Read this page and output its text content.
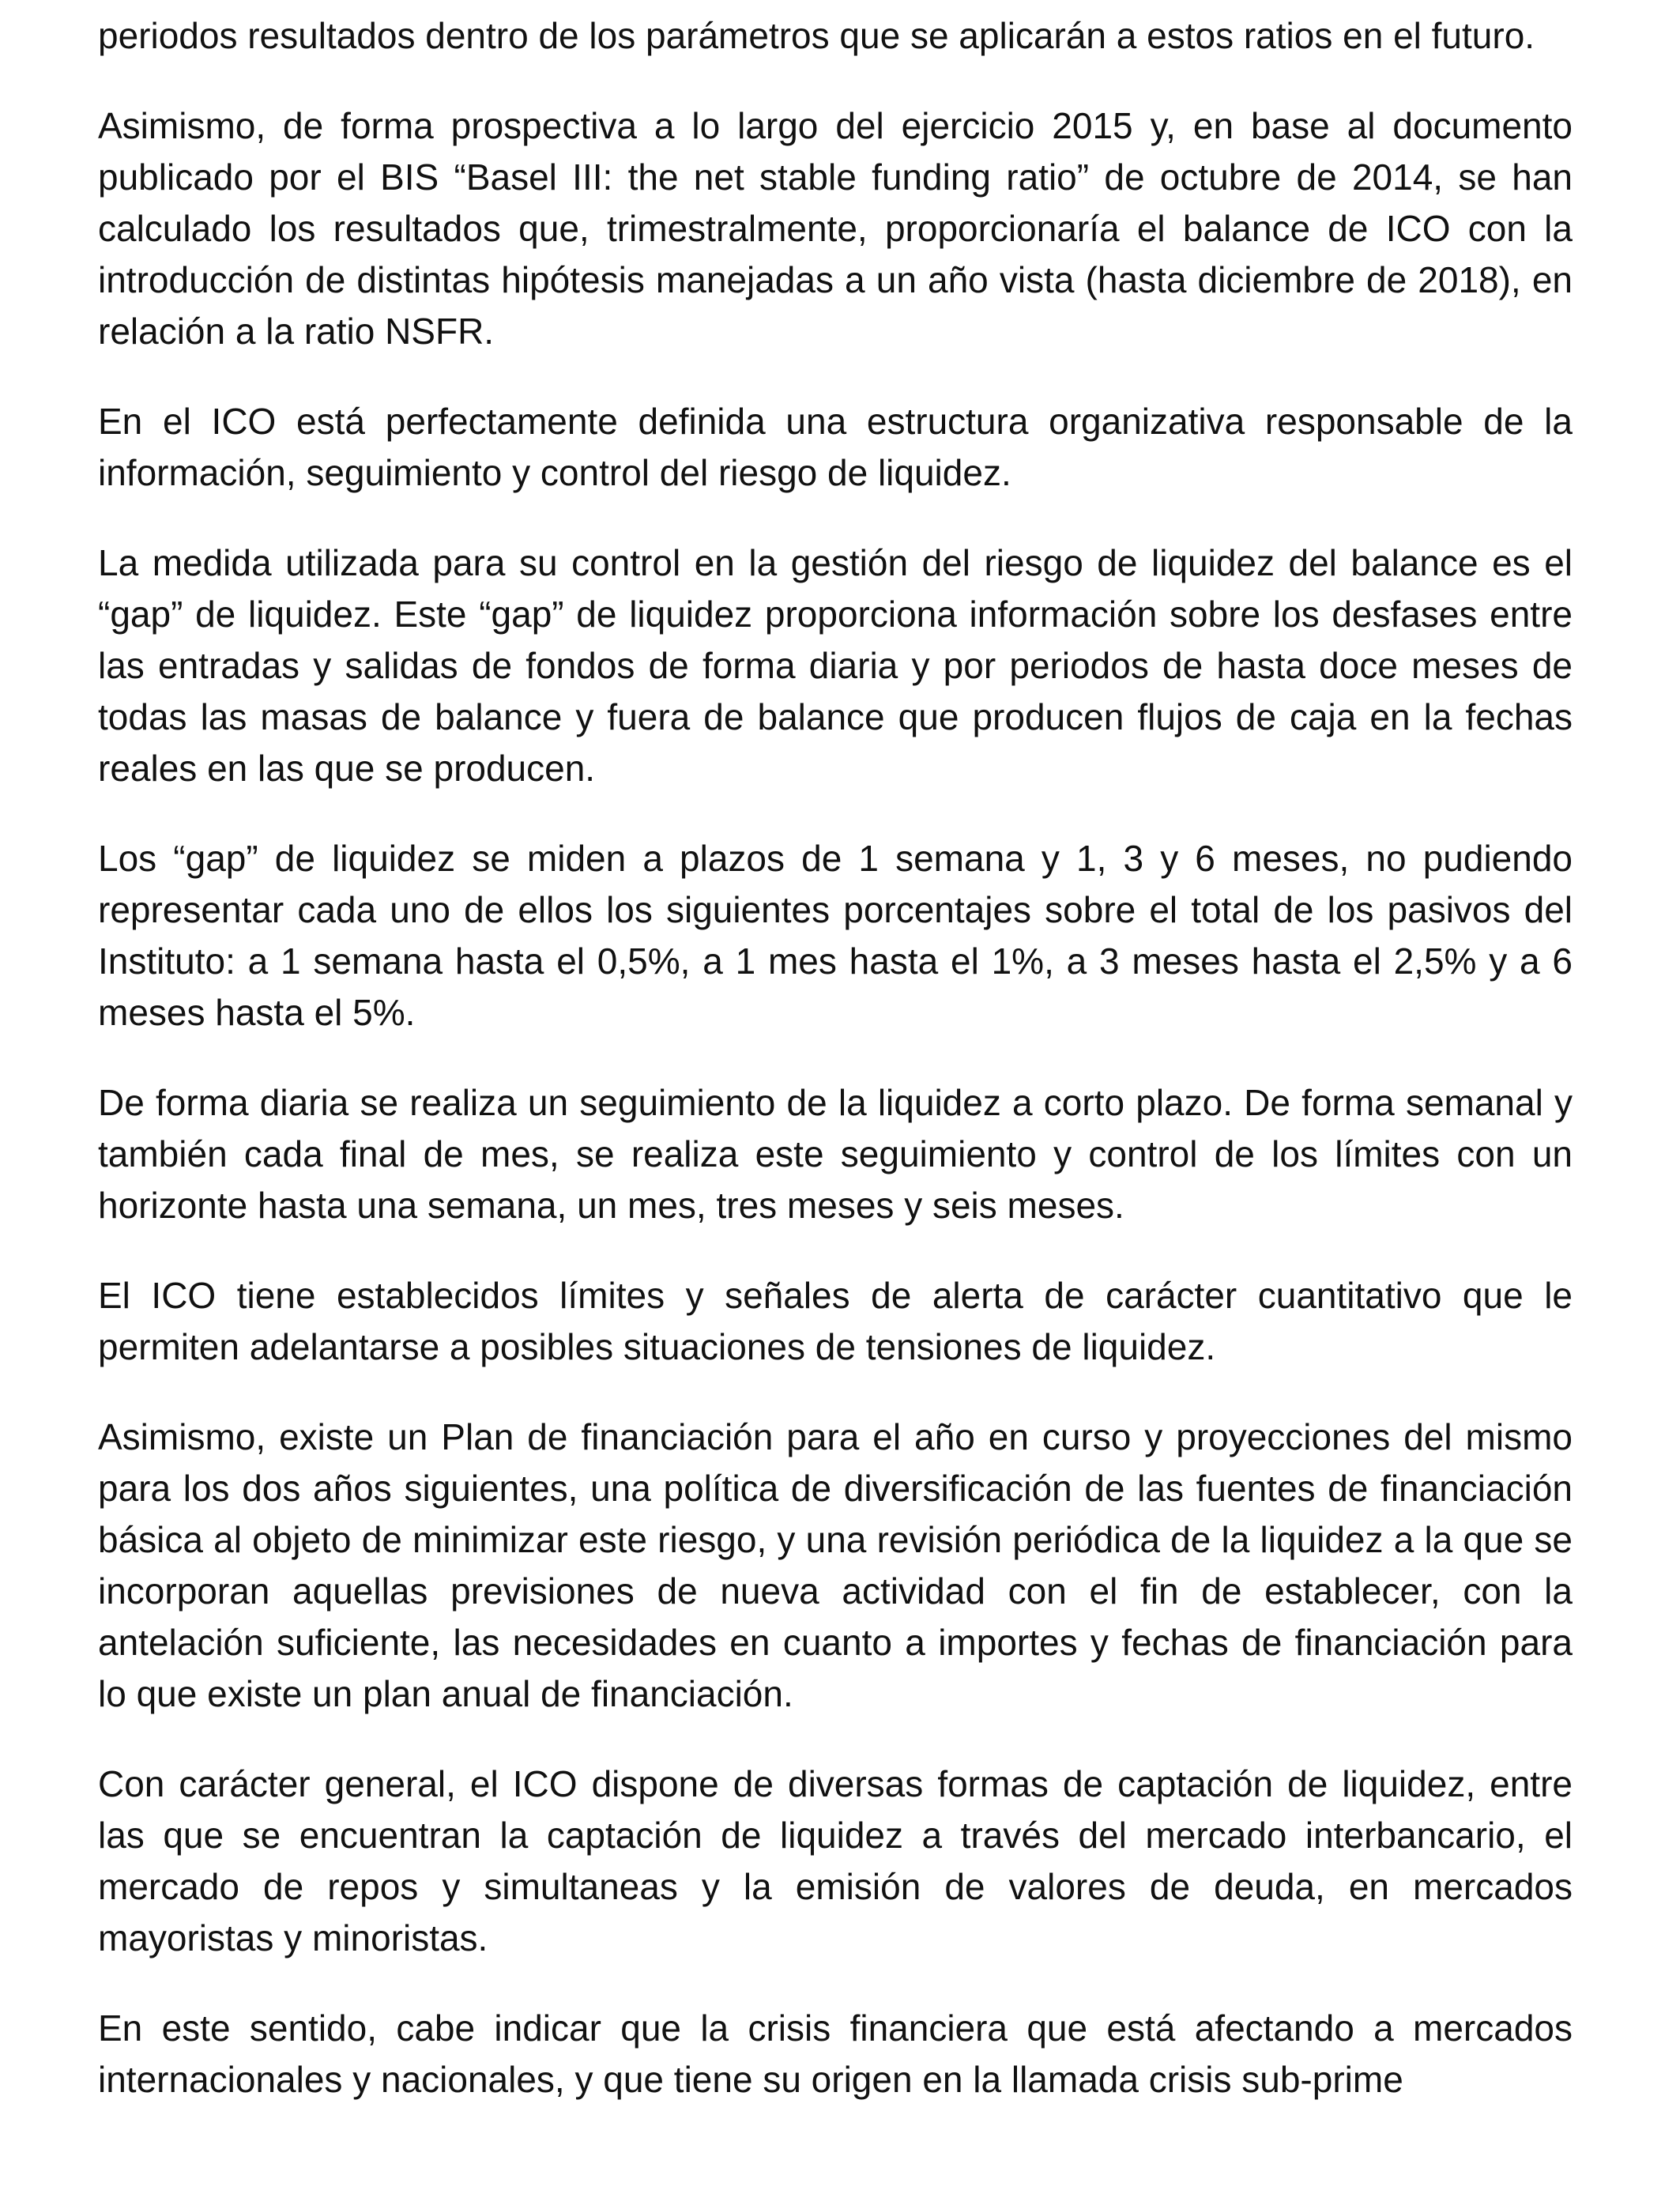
periodos resultados dentro de los parámetros que se aplicarán a estos ratios en el futuro.

Asimismo, de forma prospectiva a lo largo del ejercicio 2015 y, en base al documento publicado por el BIS “Basel III: the net stable funding ratio” de octubre de 2014, se han calculado los resultados que, trimestralmente, proporcionaría el balance de ICO con la introducción de distintas hipótesis manejadas a un año vista (hasta diciembre de 2018), en relación a la ratio NSFR.

En el ICO está perfectamente definida una estructura organizativa responsable de la información, seguimiento y control del riesgo de liquidez.

La medida utilizada para su control en la gestión del riesgo de liquidez del balance es el “gap” de liquidez. Este “gap” de liquidez proporciona información sobre los desfases entre las entradas y salidas de fondos de forma diaria y por periodos de hasta doce meses de todas las masas de balance y fuera de balance que producen flujos de caja en la fechas reales en las que se producen.

Los “gap” de liquidez se miden a plazos de 1 semana y 1, 3 y 6 meses, no pudiendo representar cada uno de ellos los siguientes porcentajes sobre el total de los pasivos del Instituto: a 1 semana hasta el 0,5%, a 1 mes hasta el 1%, a 3 meses hasta el 2,5% y a 6 meses hasta el 5%.

De forma diaria se realiza un seguimiento de la liquidez a corto plazo. De forma semanal y también cada final de mes, se realiza este seguimiento y control de los límites con un horizonte hasta una semana, un mes, tres meses y seis meses.

El ICO tiene establecidos límites y señales de alerta de carácter cuantitativo que le permiten adelantarse a posibles situaciones de tensiones de liquidez.

Asimismo, existe un Plan de financiación para el año en curso y proyecciones del mismo para los dos años siguientes, una política de diversificación de las fuentes de financiación básica al objeto de minimizar este riesgo, y una revisión periódica de la liquidez a la que se incorporan aquellas previsiones de nueva actividad con el fin de establecer, con la antelación suficiente, las necesidades en cuanto a importes y fechas de financiación para lo que existe un plan anual de financiación.

Con carácter general, el ICO dispone de diversas formas de captación de liquidez, entre las que se encuentran la captación de liquidez a través del mercado interbancario, el mercado de repos y simultaneas y la emisión de valores de deuda, en mercados mayoristas y minoristas.

En este sentido, cabe indicar que la crisis financiera que está afectando a mercados internacionales y nacionales, y que tiene su origen en la llamada crisis sub-prime
